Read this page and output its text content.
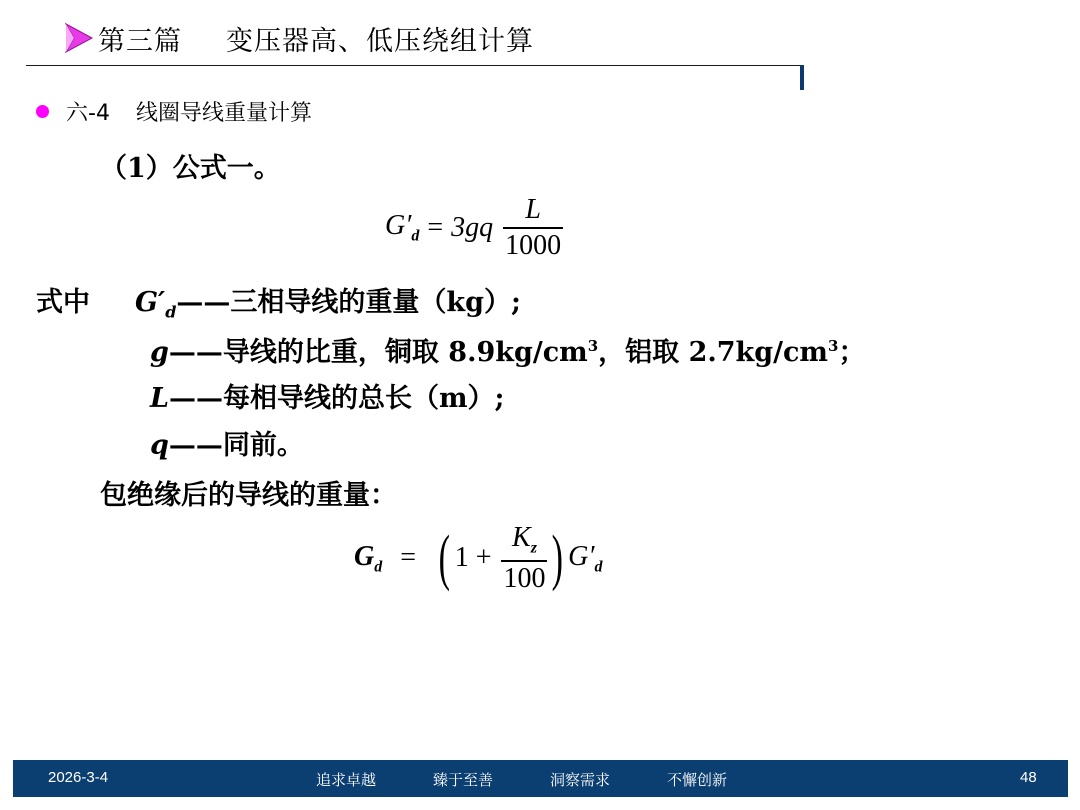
第三篇 变压器高、低压绕组计算
六-4 线圈导线重量计算
（1）公式一。
$G'_d = 3gq \frac{L}{1000}$
式中 $G'_d——$三相导线的重量（kg）;
g——导线的比重，铜取 $8.9kg/cm^3$，铝取 $2.7kg/cm^3$；
L——每相导线的总长（m）;
q——同前。
包绝缘后的导线的重量：
$G_d$ = ( $1 + \frac{K_z}{100}$ ) $G'_d$
2026-3-4	追求卓越	臻于至善	洞察需求	不懈创新	48
